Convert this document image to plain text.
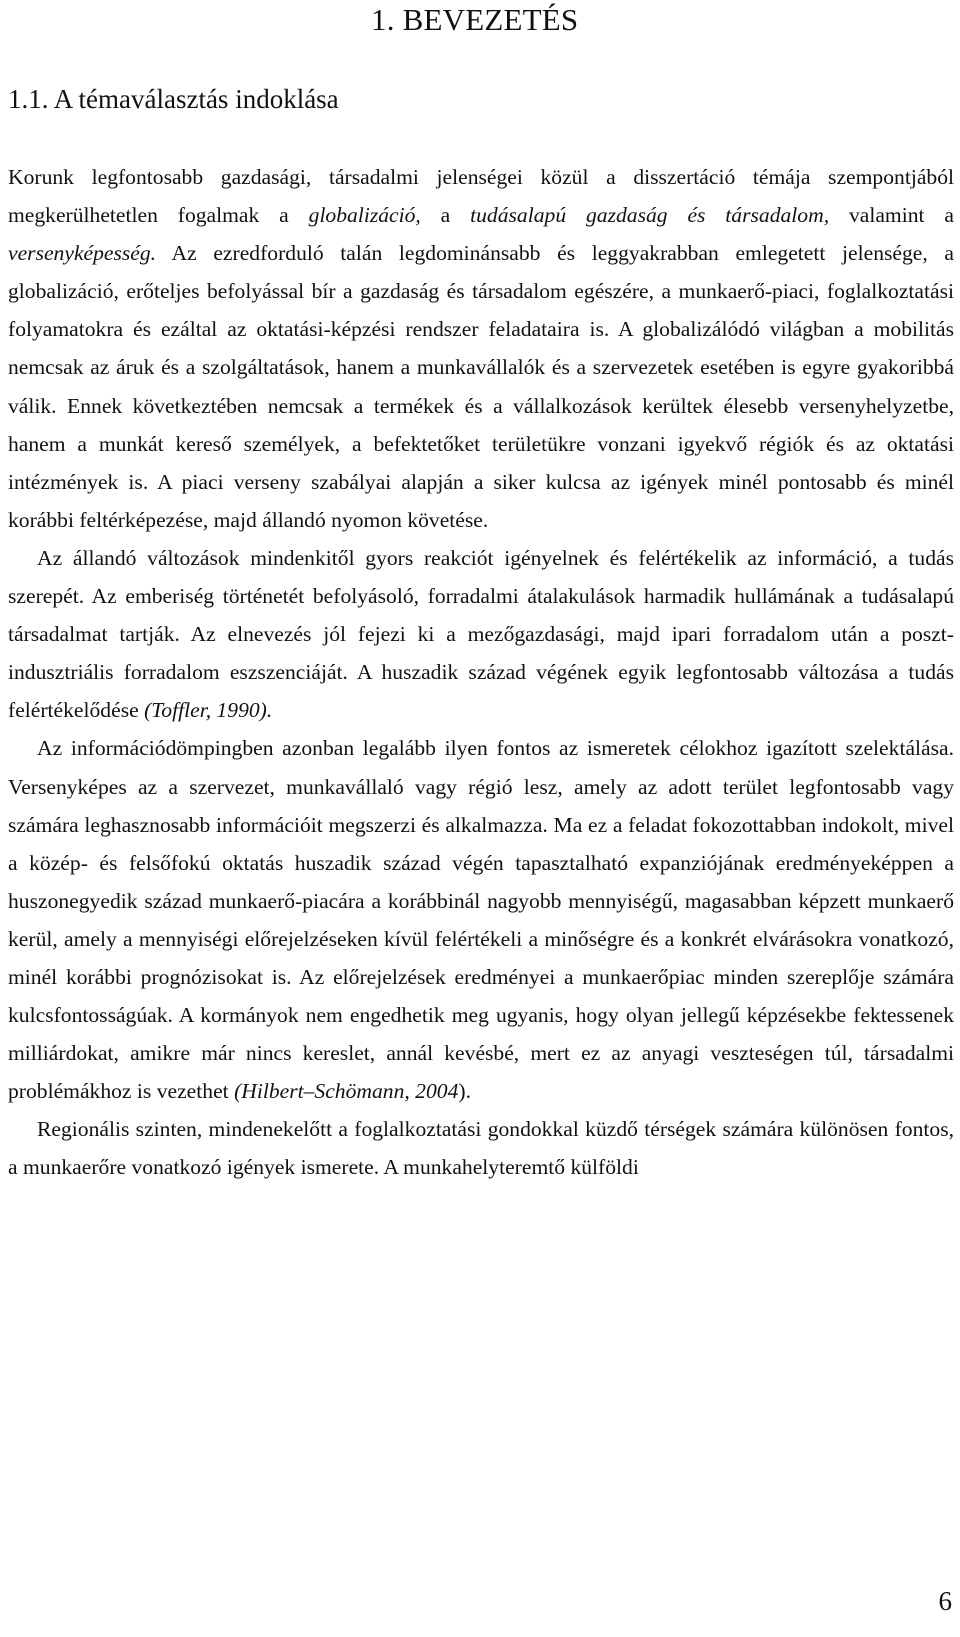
1. BEVEZETÉS
1.1. A témaválasztás indoklása

Korunk legfontosabb gazdasági, társadalmi jelenségei közül a disszertáció témája szempontjából megkerülhetetlen fogalmak a globalizáció, a tudásalapú gazdaság és társadalom, valamint a versenyképesség. Az ezredforduló talán legdominánsabb és leggyakrabban emlegetett jelensége, a globalizáció, erőteljes befolyással bír a gazdaság és társadalom egészére, a munkaerő-piaci, foglalkoztatási folyamatokra és ezáltal az oktatási-képzési rendszer feladataira is. A globalizálódó világban a mobilitás nemcsak az áruk és a szolgáltatások, hanem a munkavállalók és a szervezetek esetében is egyre gyakoribbá válik. Ennek következtében nemcsak a termékek és a vállalkozások kerültek élesebb versenyhelyzetbe, hanem a munkát kereső személyek, a befektetőket területükre vonzani igyekvő régiók és az oktatási intézmények is. A piaci verseny szabályai alapján a siker kulcsa az igények minél pontosabb és minél korábbi feltérképezése, majd állandó nyomon követése.

Az állandó változások mindenkitől gyors reakciót igényelnek és felértékelik az információ, a tudás szerepét. Az emberiség történetét befolyásoló, forradalmi átalakulások harmadik hullámának a tudásalapú társadalmat tartják. Az elnevezés jól fejezi ki a mezőgazdasági, majd ipari forradalom után a poszt-indusztriális forradalom eszszenciáját. A huszadik század végének egyik legfontosabb változása a tudás felértékelődése (Toffler, 1990).

Az információdömpingben azonban legalább ilyen fontos az ismeretek célokhoz igazított szelektálása. Versenyképes az a szervezet, munkavállaló vagy régió lesz, amely az adott terület legfontosabb vagy számára leghasznosabb információit megszerzi és alkalmazza. Ma ez a feladat fokozottabban indokolt, mivel a közép- és felsőfokú oktatás huszadik század végén tapasztalható expanziójának eredményeképpen a huszonegyedik század munkaerő-piacára a korábbinál nagyobb mennyiségű, magasabban képzett munkaerő kerül, amely a mennyiségi előrejelzéseken kívül felértékeli a minőségre és a konkrét elvárásokra vonatkozó, minél korábbi prognózisokat is. Az előrejelzések eredményei a munkaerőpiac minden szereplője számára kulcsfontosságúak. A kormányok nem engedhetik meg ugyanis, hogy olyan jellegű képzésekbe fektessenek milliárdokat, amikre már nincs kereslet, annál kevésbé, mert ez az anyagi veszteségen túl, társadalmi problémákhoz is vezethet (Hilbert–Schömann, 2004).

Regionális szinten, mindenekelőtt a foglalkoztatási gondokkal küzdő térségek számára különösen fontos, a munkaerőre vonatkozó igények ismerete. A munkahelyteremtő külföldi

6
